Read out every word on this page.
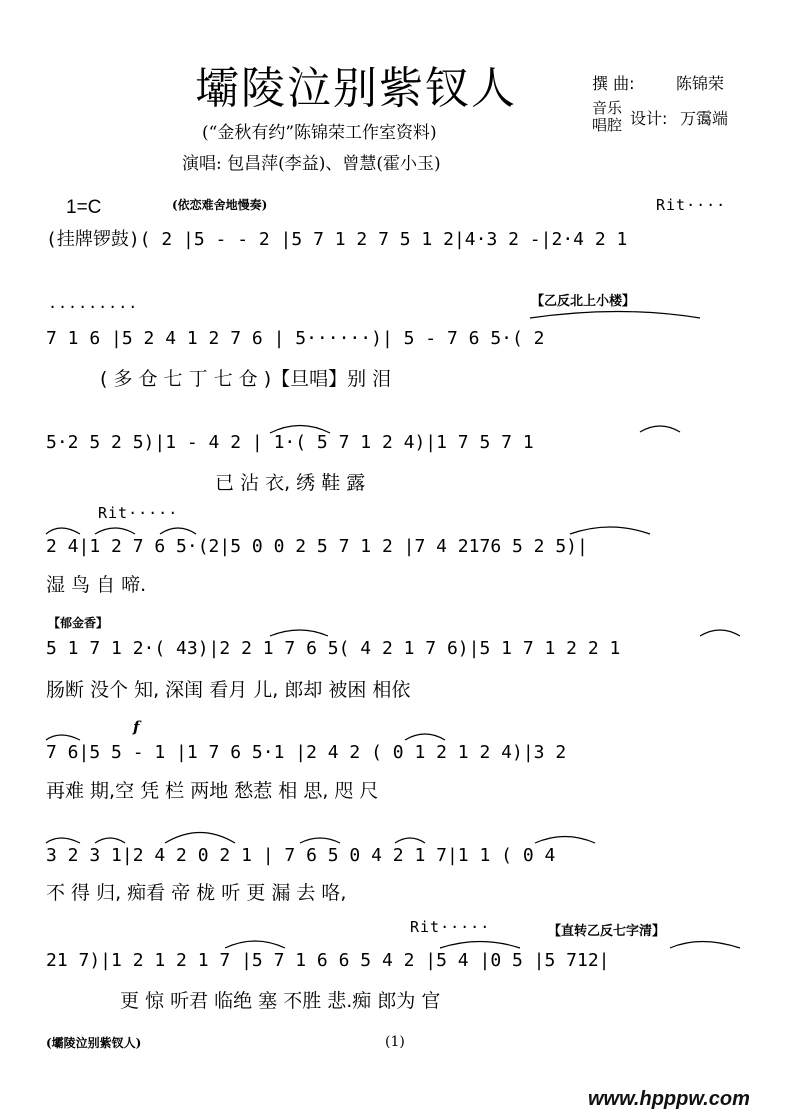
壩陵泣别紫钗人
(“金秋有约”陈锦荣工作室资料)
演唱: 包昌萍(李益)、曾慧(霍小玉)
撰 曲:	陈锦荣
音乐
唱腔 设计: 万霭端
1=C	(依恋难舍地慢奏)	Rit····
·········	【乙反北上小楼】
Rit·····
【郁金香】
f
Rit·····	【直转乙反七字清】
(挂牌锣鼓)( 2 |5 - - 2 |5 7 1 2 7 5 1 2|4·3 2 -|2·4 2 1
7 1 6 |5 2 4 1 2 7 6 | 5······)| 5 - 7 6 5·( 2
( 多 仓 七 丁 七 仓 )【旦唱】别 泪
5·2 5 2 5)|1 - 4 2 | 1·( 5 7 1 2 4)|1 7 5 7 1
已 沾 衣, 绣 鞋 露
2 4|1 2 7 6 5·(2|5 0 0 2 5 7 1 2 |7 4 2176 5 2 5)|
湿 鸟 自 啼.
5 1 7 1 2·( 43)|2 2 1 7 6 5( 4 2 1 7 6)|5 1 7 1 2 2 1
肠断 没个 知, 深闺 看月 儿, 郎却 被困 相依
7 6|5 5 - 1 |1 7 6 5·1 |2 4 2 ( 0 1 2 1 2 4)|3 2
再难 期,空 凭 栏 两地 愁惹 相 思, 咫 尺
3 2 3 1|2 4 2 0 2 1 | 7 6 5 0 4 2 1 7|1 1 ( 0 4
不 得 归, 痴看 帝 栊 听 更 漏 去 咯,
21 7)|1 2 1 2 1 7 |5 7 1 6 6 5 4 2 |5 4 |0 5 |5 712|
更 惊 听君 临绝 塞 不胜 悲.痴 郎为 官
(壩陵泣别紫钗人)	(1)
www.hpppw.com
